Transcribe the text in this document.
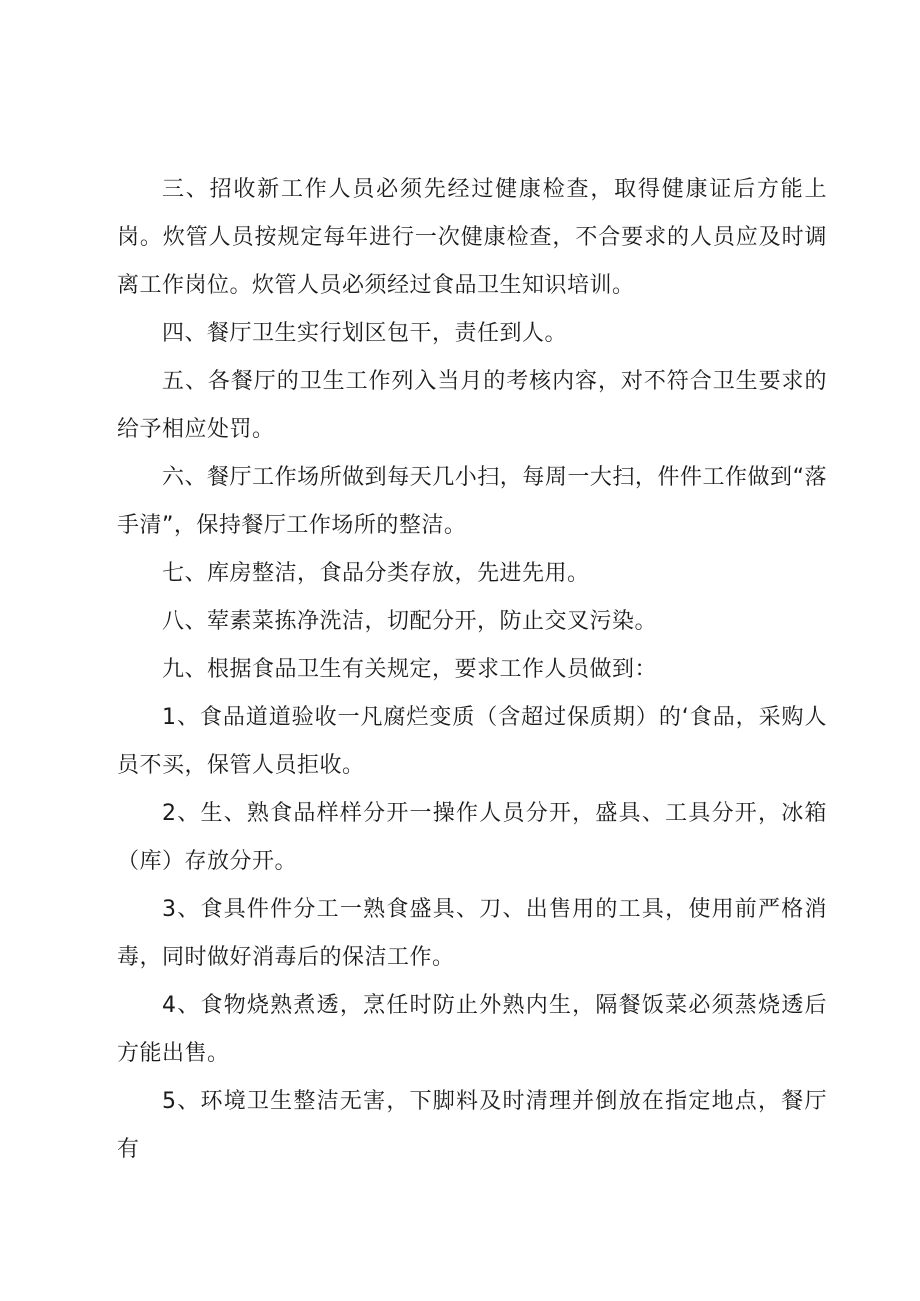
三、招收新工作人员必须先经过健康检查，取得健康证后方能上岗。炊管人员按规定每年进行一次健康检查，不合要求的人员应及时调离工作岗位。炊管人员必须经过食品卫生知识培训。

四、餐厅卫生实行划区包干，责任到人。

五、各餐厅的卫生工作列入当月的考核内容，对不符合卫生要求的给予相应处罚。

六、餐厅工作场所做到每天几小扫，每周一大扫，件件工作做到“落手清”，保持餐厅工作场所的整洁。

七、库房整洁，食品分类存放，先进先用。

八、荤素菜拣净洗洁，切配分开，防止交叉污染。

九、根据食品卫生有关规定，要求工作人员做到：

1、食品道道验收一凡腐烂变质（含超过保质期）的‘食品，采购人员不买，保管人员拒收。

2、生、熟食品样样分开一操作人员分开，盛具、工具分开，冰箱（库）存放分开。

3、食具件件分工一熟食盛具、刀、出售用的工具，使用前严格消毒，同时做好消毒后的保洁工作。

4、食物烧熟煮透，烹任时防止外熟内生，隔餐饭菜必须蒸烧透后方能出售。

5、环境卫生整洁无害，下脚料及时清理并倒放在指定地点，餐厅有
